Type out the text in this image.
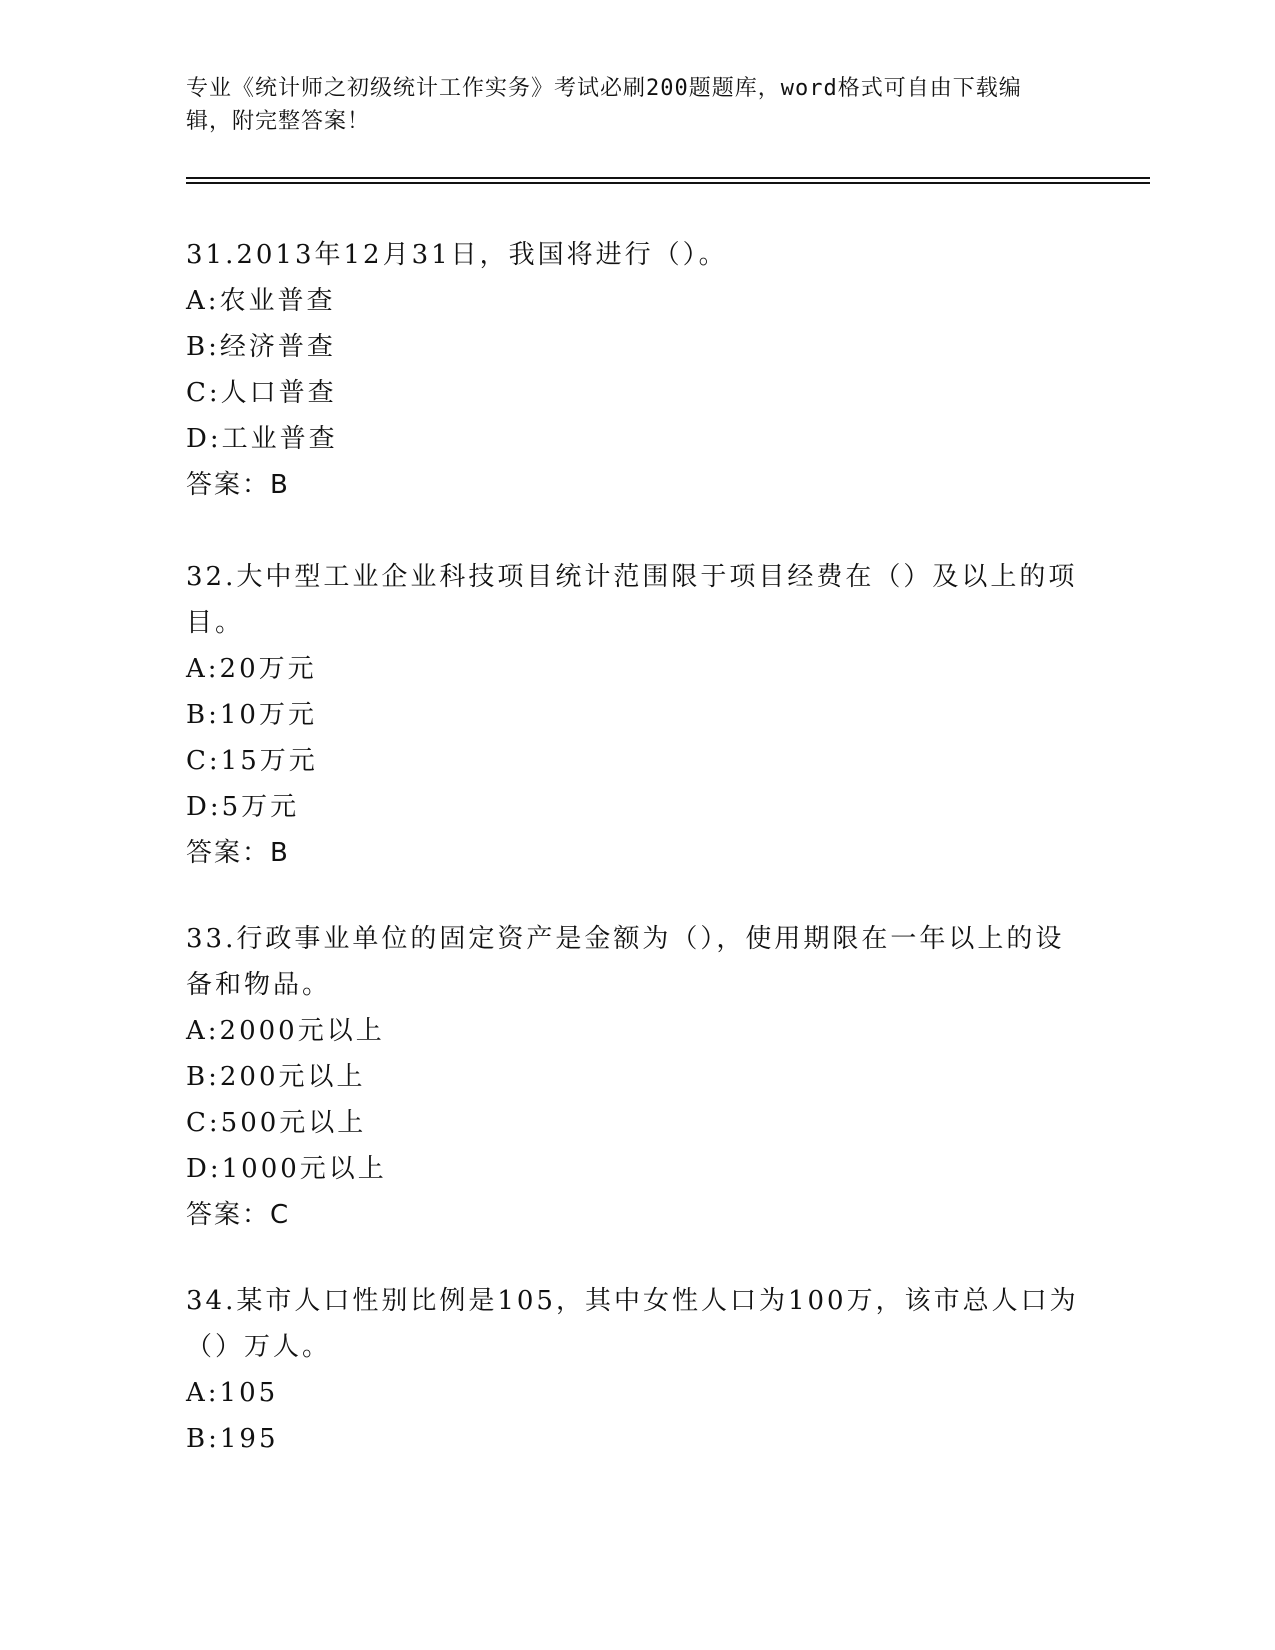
专业《统计师之初级统计工作实务》考试必刷200题题库，word格式可自由下载编辑，附完整答案！

31.2013年12月31日，我国将进行（）。

A:农业普查
B:经济普查
C:人口普查
D:工业普查
答案：B

32.大中型工业企业科技项目统计范围限于项目经费在（）及以上的项目。

A:20万元
B:10万元
C:15万元
D:5万元
答案：B

33.行政事业单位的固定资产是金额为（），使用期限在一年以上的设备和物品。

A:2000元以上
B:200元以上
C:500元以上
D:1000元以上
答案：C

34.某市人口性别比例是105，其中女性人口为100万，该市总人口为（）万人。

A:105
B:195
